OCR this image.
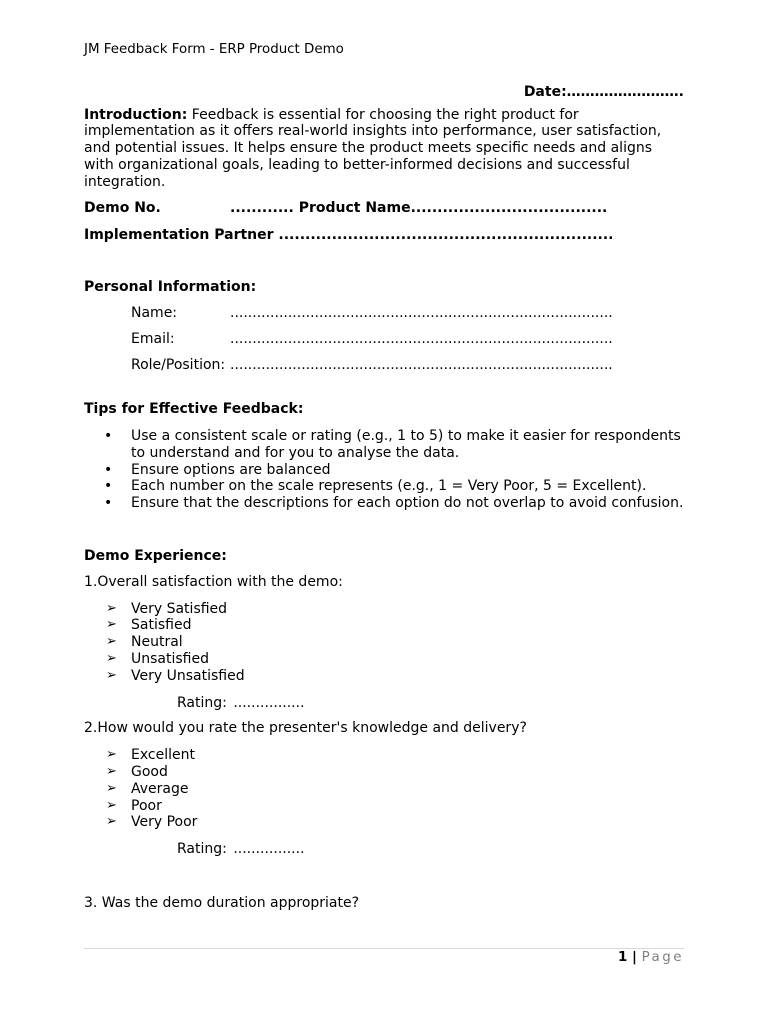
JM Feedback Form - ERP Product Demo
Date:…………………….
Introduction: Feedback is essential for choosing the right product for implementation as it offers real-world insights into performance, user satisfaction, and potential issues. It helps ensure the product meets specific needs and aligns with organizational goals, leading to better-informed decisions and successful integration.
Demo No.	............ Product Name.....................................
Implementation Partner ...............................................................
Personal Information:
Name:	......................................................................................
Email:	......................................................................................
Role/Position: ......................................................................................
Tips for Effective Feedback:
• Use a consistent scale or rating (e.g., 1 to 5) to make it easier for respondents to understand and for you to analyse the data.
• Ensure options are balanced
• Each number on the scale represents (e.g., 1 = Very Poor, 5 = Excellent).
• Ensure that the descriptions for each option do not overlap to avoid confusion.
Demo Experience:
1.Overall satisfaction with the demo:
➢ Very Satisfied
➢ Satisfied
➢ Neutral
➢ Unsatisfied
➢ Very Unsatisfied
Rating: ................
2.How would you rate the presenter's knowledge and delivery?
➢ Excellent
➢ Good
➢ Average
➢ Poor
➢ Very Poor
Rating: ................
3. Was the demo duration appropriate?
1 | Page
